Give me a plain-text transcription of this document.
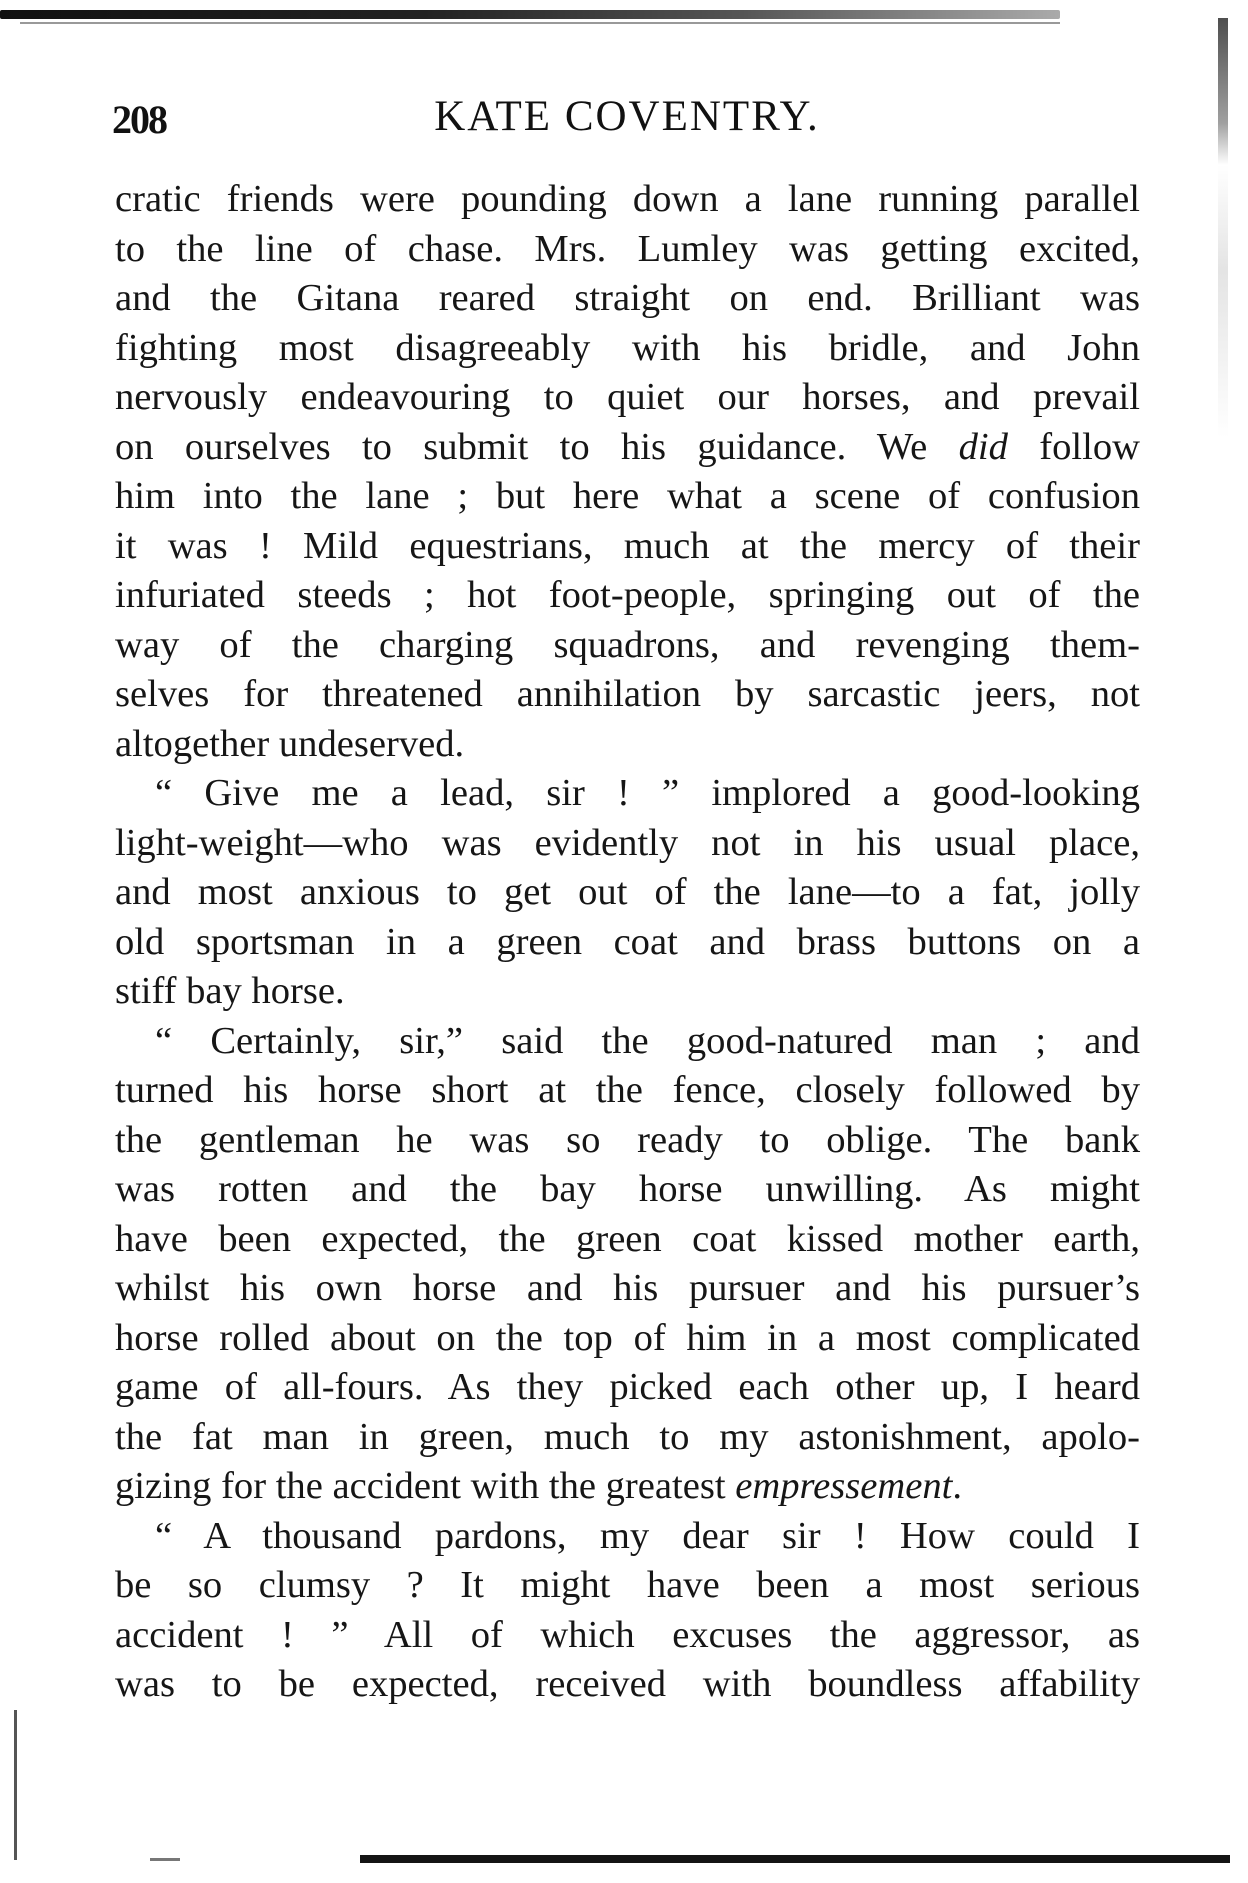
208	KATE COVENTRY.
cratic friends were pounding down a lane running parallel
to the line of chase. Mrs. Lumley was getting excited,
and the Gitana reared straight on end. Brilliant was
fighting most disagreeably with his bridle, and John
nervously endeavouring to quiet our horses, and prevail
on ourselves to submit to his guidance. We did follow
him into the lane ; but here what a scene of confusion
it was ! Mild equestrians, much at the mercy of their
infuriated steeds ; hot foot-people, springing out of the
way of the charging squadrons, and revenging them-
selves for threatened annihilation by sarcastic jeers, not
altogether undeserved.
“ Give me a lead, sir ! ” implored a good-looking
light-weight—who was evidently not in his usual place,
and most anxious to get out of the lane—to a fat, jolly
old sportsman in a green coat and brass buttons on a
stiff bay horse.
“ Certainly, sir,” said the good-natured man ; and
turned his horse short at the fence, closely followed by
the gentleman he was so ready to oblige. The bank
was rotten and the bay horse unwilling. As might
have been expected, the green coat kissed mother earth,
whilst his own horse and his pursuer and his pursuer’s
horse rolled about on the top of him in a most complicated
game of all-fours. As they picked each other up, I heard
the fat man in green, much to my astonishment, apolo-
gizing for the accident with the greatest empressement.
“ A thousand pardons, my dear sir ! How could I
be so clumsy ? It might have been a most serious
accident ! ” All of which excuses the aggressor, as
was to be expected, received with boundless affability
